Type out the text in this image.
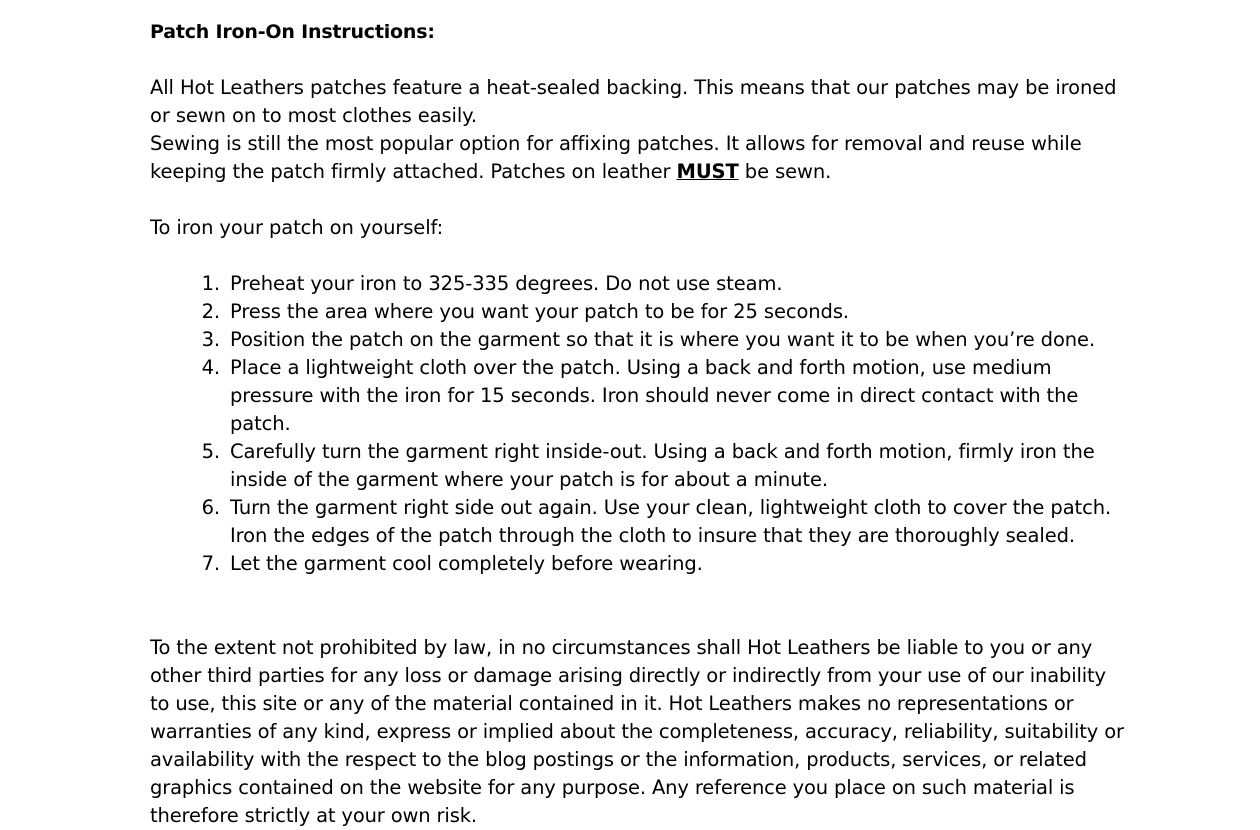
Patch Iron-On Instructions:

All Hot Leathers patches feature a heat-sealed backing. This means that our patches may be ironed or sewn on to most clothes easily.

Sewing is still the most popular option for affixing patches. It allows for removal and reuse while keeping the patch firmly attached. Patches on leather MUST be sewn.

To iron your patch on yourself:

Preheat your iron to 325-335 degrees. Do not use steam.
Press the area where you want your patch to be for 25 seconds.
Position the patch on the garment so that it is where you want it to be when you’re done.
Place a lightweight cloth over the patch. Using a back and forth motion, use medium pressure with the iron for 15 seconds. Iron should never come in direct contact with the patch.
Carefully turn the garment right inside-out. Using a back and forth motion, firmly iron the inside of the garment where your patch is for about a minute.
Turn the garment right side out again. Use your clean, lightweight cloth to cover the patch. Iron the edges of the patch through the cloth to insure that they are thoroughly sealed.
Let the garment cool completely before wearing.

To the extent not prohibited by law, in no circumstances shall Hot Leathers be liable to you or any other third parties for any loss or damage arising directly or indirectly from your use of our inability to use, this site or any of the material contained in it. Hot Leathers makes no representations or warranties of any kind, express or implied about the completeness, accuracy, reliability, suitability or availability with the respect to the blog postings or the information, products, services, or related graphics contained on the website for any purpose. Any reference you place on such material is therefore strictly at your own risk.
